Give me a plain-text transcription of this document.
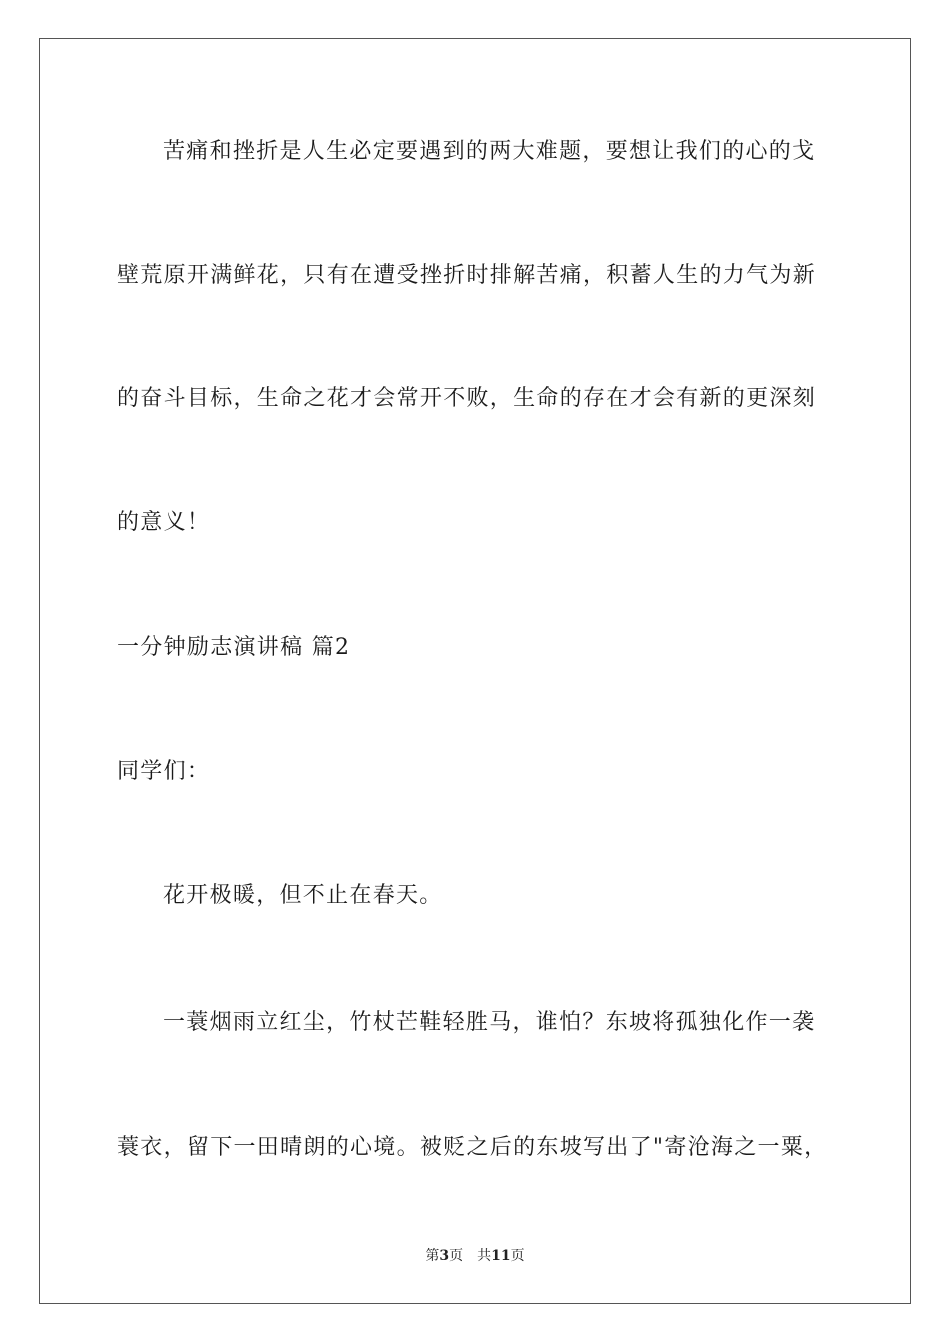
苦痛和挫折是人生必定要遇到的两大难题，要想让我们的心的戈
壁荒原开满鲜花，只有在遭受挫折时排解苦痛，积蓄人生的力气为新
的奋斗目标，生命之花才会常开不败，生命的存在才会有新的更深刻
的意义！
一分钟励志演讲稿 篇2
同学们：
花开极暖，但不止在春天。
一蓑烟雨立红尘，竹杖芒鞋轻胜马，谁怕？东坡将孤独化作一袭
蓑衣，留下一田晴朗的心境。被贬之后的东坡写出了"寄沧海之一粟，
第3页 共11页
